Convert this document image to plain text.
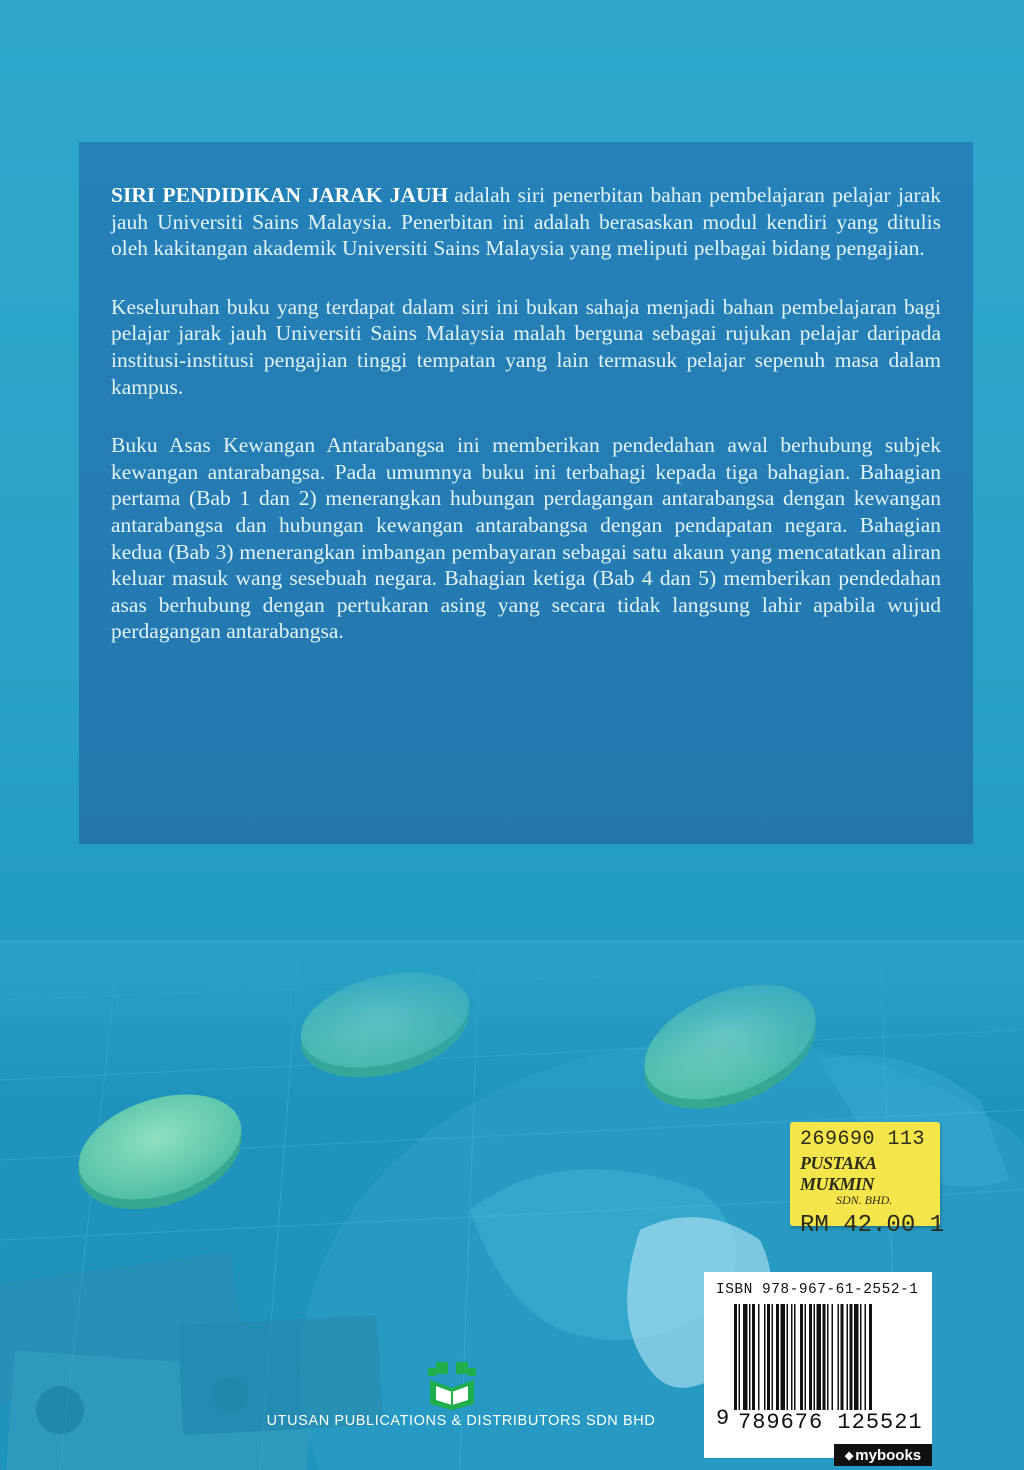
SIRI PENDIDIKAN JARAK JAUH adalah siri penerbitan bahan pembelajaran pelajar jarak jauh Universiti Sains Malaysia. Penerbitan ini adalah berasaskan modul kendiri yang ditulis oleh kakitangan akademik Universiti Sains Malaysia yang meliputi pelbagai bidang pengajian.

Keseluruhan buku yang terdapat dalam siri ini bukan sahaja menjadi bahan pembelajaran bagi pelajar jarak jauh Universiti Sains Malaysia malah berguna sebagai rujukan pelajar daripada institusi-institusi pengajian tinggi tempatan yang lain termasuk pelajar sepenuh masa dalam kampus.

Buku Asas Kewangan Antarabangsa ini memberikan pendedahan awal berhubung subjek kewangan antarabangsa. Pada umumnya buku ini terbahagi kepada tiga bahagian. Bahagian pertama (Bab 1 dan 2) menerangkan hubungan perdagangan antarabangsa dengan kewangan antarabangsa dan hubungan kewangan antarabangsa dengan pendapatan negara. Bahagian kedua (Bab 3) menerangkan imbangan pembayaran sebagai satu akaun yang mencatatkan aliran keluar masuk wang sesebuah negara. Bahagian ketiga (Bab 4 dan 5) memberikan pendedahan asas berhubung dengan pertukaran asing yang secara tidak langsung lahir apabila wujud perdagangan antarabangsa.

269690 113
PUSTAKA MUKMIN
SDN. BHD.
RM 42.00 1
ISBN 978-967-61-2552-1
9 789676 125521
◆ mybooks
UTUSAN PUBLICATIONS & DISTRIBUTORS SDN BHD
